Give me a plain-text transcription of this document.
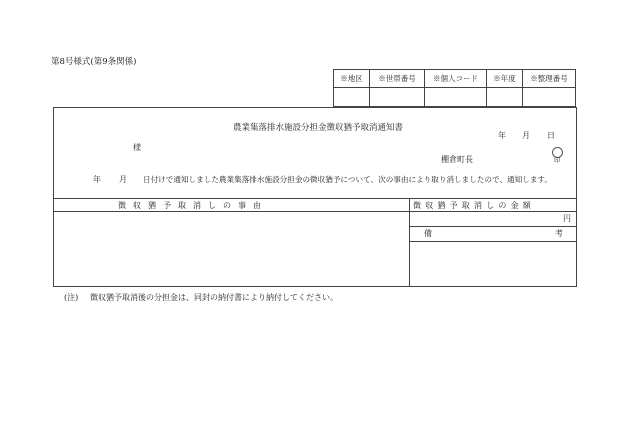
第8号様式(第9条関係)
※地区	※世帯番号	※個人コード	※年度	※整理番号
農業集落排水施設分担金徴収猶予取消通知書
年 月 日
様
棚倉町長	印
年 月 日付けで通知しました農業集落排水施設分担金の徴収猶予について、次の事由により取り消しましたので、通知します。
徴収猶予取消しの事由	徴収猶予取消しの金額
円
備	考
(注) 徴収猶予取消後の分担金は、同封の納付書により納付してください。
